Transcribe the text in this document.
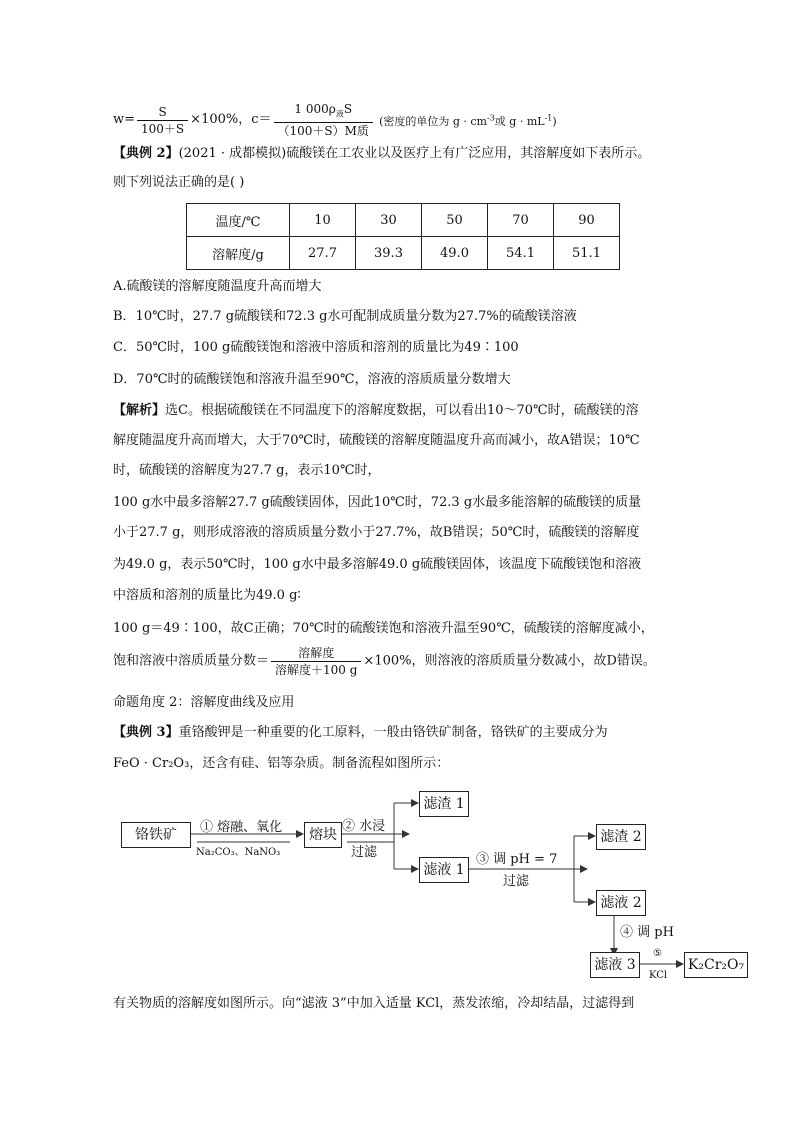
$w= \frac{S}{100+S} \times 100\%$，$c= \frac{1 000\rho_液S}{\text{（100＋S）M质}}$ (密度的单位为 $g \cdot cm^{-3}$或 $g \cdot mL^{-1}$)
【典例 2】(2021 · 成都模拟)硫酸镁在工农业以及医疗上有广泛应用，其溶解度如下表所示。
则下列说法正确的是( )
温度/℃	10	30	50	70	90
溶解度/g	27.7	39.3	49.0	54.1	51.1
A.硫酸镁的溶解度随温度升高而增大
B．10℃时，27.7 g硫酸镁和72.3 g水可配制成质量分数为27.7%的硫酸镁溶液
C．50℃时，100 g硫酸镁饱和溶液中溶质和溶剂的质量比为49∶100
D．70℃时的硫酸镁饱和溶液升温至90℃，溶液的溶质质量分数增大
【解析】选C。根据硫酸镁在不同温度下的溶解度数据，可以看出10～70℃时，硫酸镁的溶
解度随温度升高而增大，大于70℃时，硫酸镁的溶解度随温度升高而减小，故A错误；10℃
时，硫酸镁的溶解度为27.7 g，表示10℃时，
100 g水中最多溶解27.7 g硫酸镁固体，因此10℃时，72.3 g水最多能溶解的硫酸镁的质量
小于27.7 g，则形成溶液的溶质质量分数小于27.7%，故B错误；50℃时，硫酸镁的溶解度
为49.0 g，表示50℃时，100 g水中最多溶解49.0 g硫酸镁固体，该温度下硫酸镁饱和溶液
中溶质和溶剂的质量比为49.0 g∶
100 g＝49∶100，故C正确；70℃时的硫酸镁饱和溶液升温至90℃，硫酸镁的溶解度减小，
饱和溶液中溶质质量分数＝ $\frac{\text{溶解度}}{\text{溶解度＋100 g}} \times 100\%$，则溶液的溶质质量分数减小，故D错误。
命题角度 2：溶解度曲线及应用
【典例 3】重铬酸钾是一种重要的化工原料，一般由铬铁矿制备，铬铁矿的主要成分为
FeO · Cr₂O₃，还含有硅、铝等杂质。制备流程如图所示：
铬铁矿	① 熔融、氧化
Na₂CO₃、NaNO₃
熔块
② 水浸
过滤
滤渣 1
滤液 1
③ 调 pH = 7
过滤
滤渣 2
滤液 2
④ 调 pH
滤液 3
⑤
KCl
K₂Cr₂O₇
有关物质的溶解度如图所示。向“滤液 3”中加入适量 KCl，蒸发浓缩，冷却结晶，过滤得到
